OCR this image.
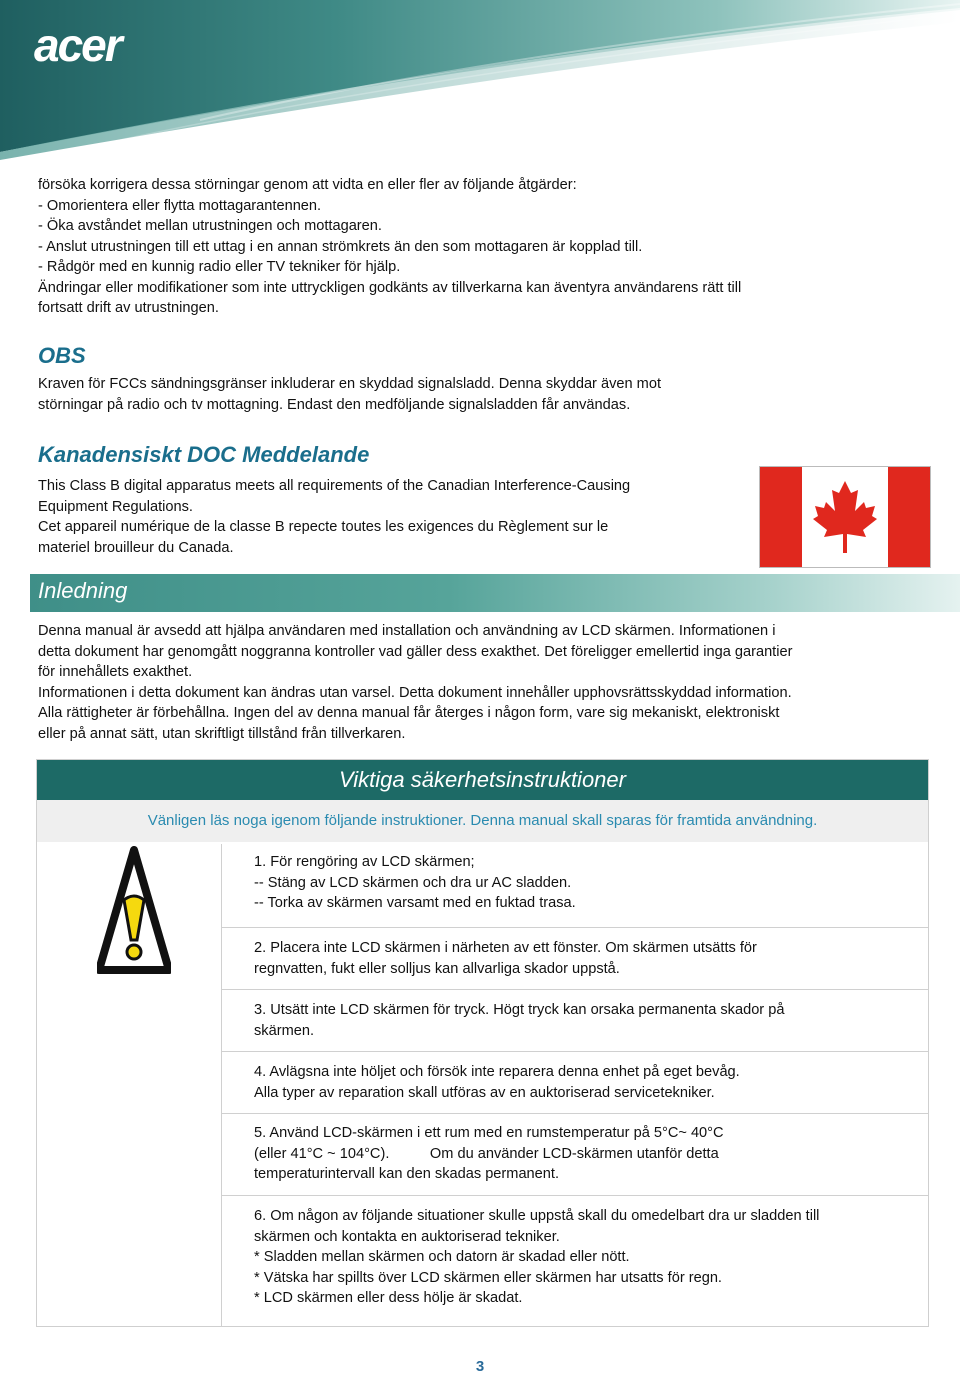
acer

försöka korrigera dessa störningar genom att vidta en eller fler av följande åtgärder:

- Omorientera eller flytta mottagarantennen.

- Öka avståndet mellan utrustningen och mottagaren.

- Anslut utrustningen till ett uttag i en annan strömkrets än den som mottagaren är kopplad till.

- Rådgör med en kunnig radio eller TV tekniker för hjälp.

Ändringar eller modifikationer som inte uttryckligen godkänts av tillverkarna kan äventyra användarens rätt till

fortsatt drift av utrustningen.

OBS

Kraven för FCCs sändningsgränser inkluderar en skyddad signalsladd. Denna skyddar även mot

störningar på radio och tv mottagning. Endast den medföljande signalsladden får användas.

Kanadensiskt DOC Meddelande

This Class B digital apparatus meets all requirements of the Canadian Interference-Causing

Equipment Regulations.

Cet appareil numérique de la classe B repecte toutes les exigences du Règlement sur le

materiel brouilleur du Canada.

Inledning

Denna manual är avsedd att hjälpa användaren med installation och användning av LCD skärmen. Informationen i

detta dokument har genomgått noggranna kontroller vad gäller dess exakthet. Det föreligger emellertid inga garantier

för innehållets exakthet.

Informationen i detta dokument kan ändras utan varsel. Detta dokument innehåller upphovsrättsskyddad information.

Alla rättigheter är förbehållna. Ingen del av denna manual får återges i någon form, vare sig mekaniskt, elektroniskt

eller på annat sätt, utan skriftligt tillstånd från tillverkaren.

Viktiga säkerhetsinstruktioner
Vänligen läs noga igenom följande instruktioner. Denna manual skall sparas för framtida användning.

1. För rengöring av LCD skärmen;

-- Stäng av LCD skärmen och dra ur AC sladden.

-- Torka av skärmen varsamt med en fuktad trasa.

2. Placera inte LCD skärmen i närheten av ett fönster. Om skärmen utsätts för

regnvatten, fukt eller solljus kan allvarliga skador uppstå.

3. Utsätt inte LCD skärmen för tryck. Högt tryck kan orsaka permanenta skador på

skärmen.

4. Avlägsna inte höljet och försök inte reparera denna enhet på eget bevåg.

Alla typer av reparation skall utföras av en auktoriserad servicetekniker.

5. Använd LCD-skärmen i ett rum med en rumstemperatur på 5°C~ 40°C

(eller 41°C ~ 104°C).          Om du använder LCD-skärmen utanför detta

temperaturintervall kan den skadas permanent.

6. Om någon av följande situationer skulle uppstå skall du omedelbart dra ur sladden till

skärmen och kontakta en auktoriserad tekniker.

* Sladden mellan skärmen och datorn är skadad eller nött.

* Vätska har spillts över LCD skärmen eller skärmen har utsatts för regn.

* LCD skärmen eller dess hölje är skadat.

3
